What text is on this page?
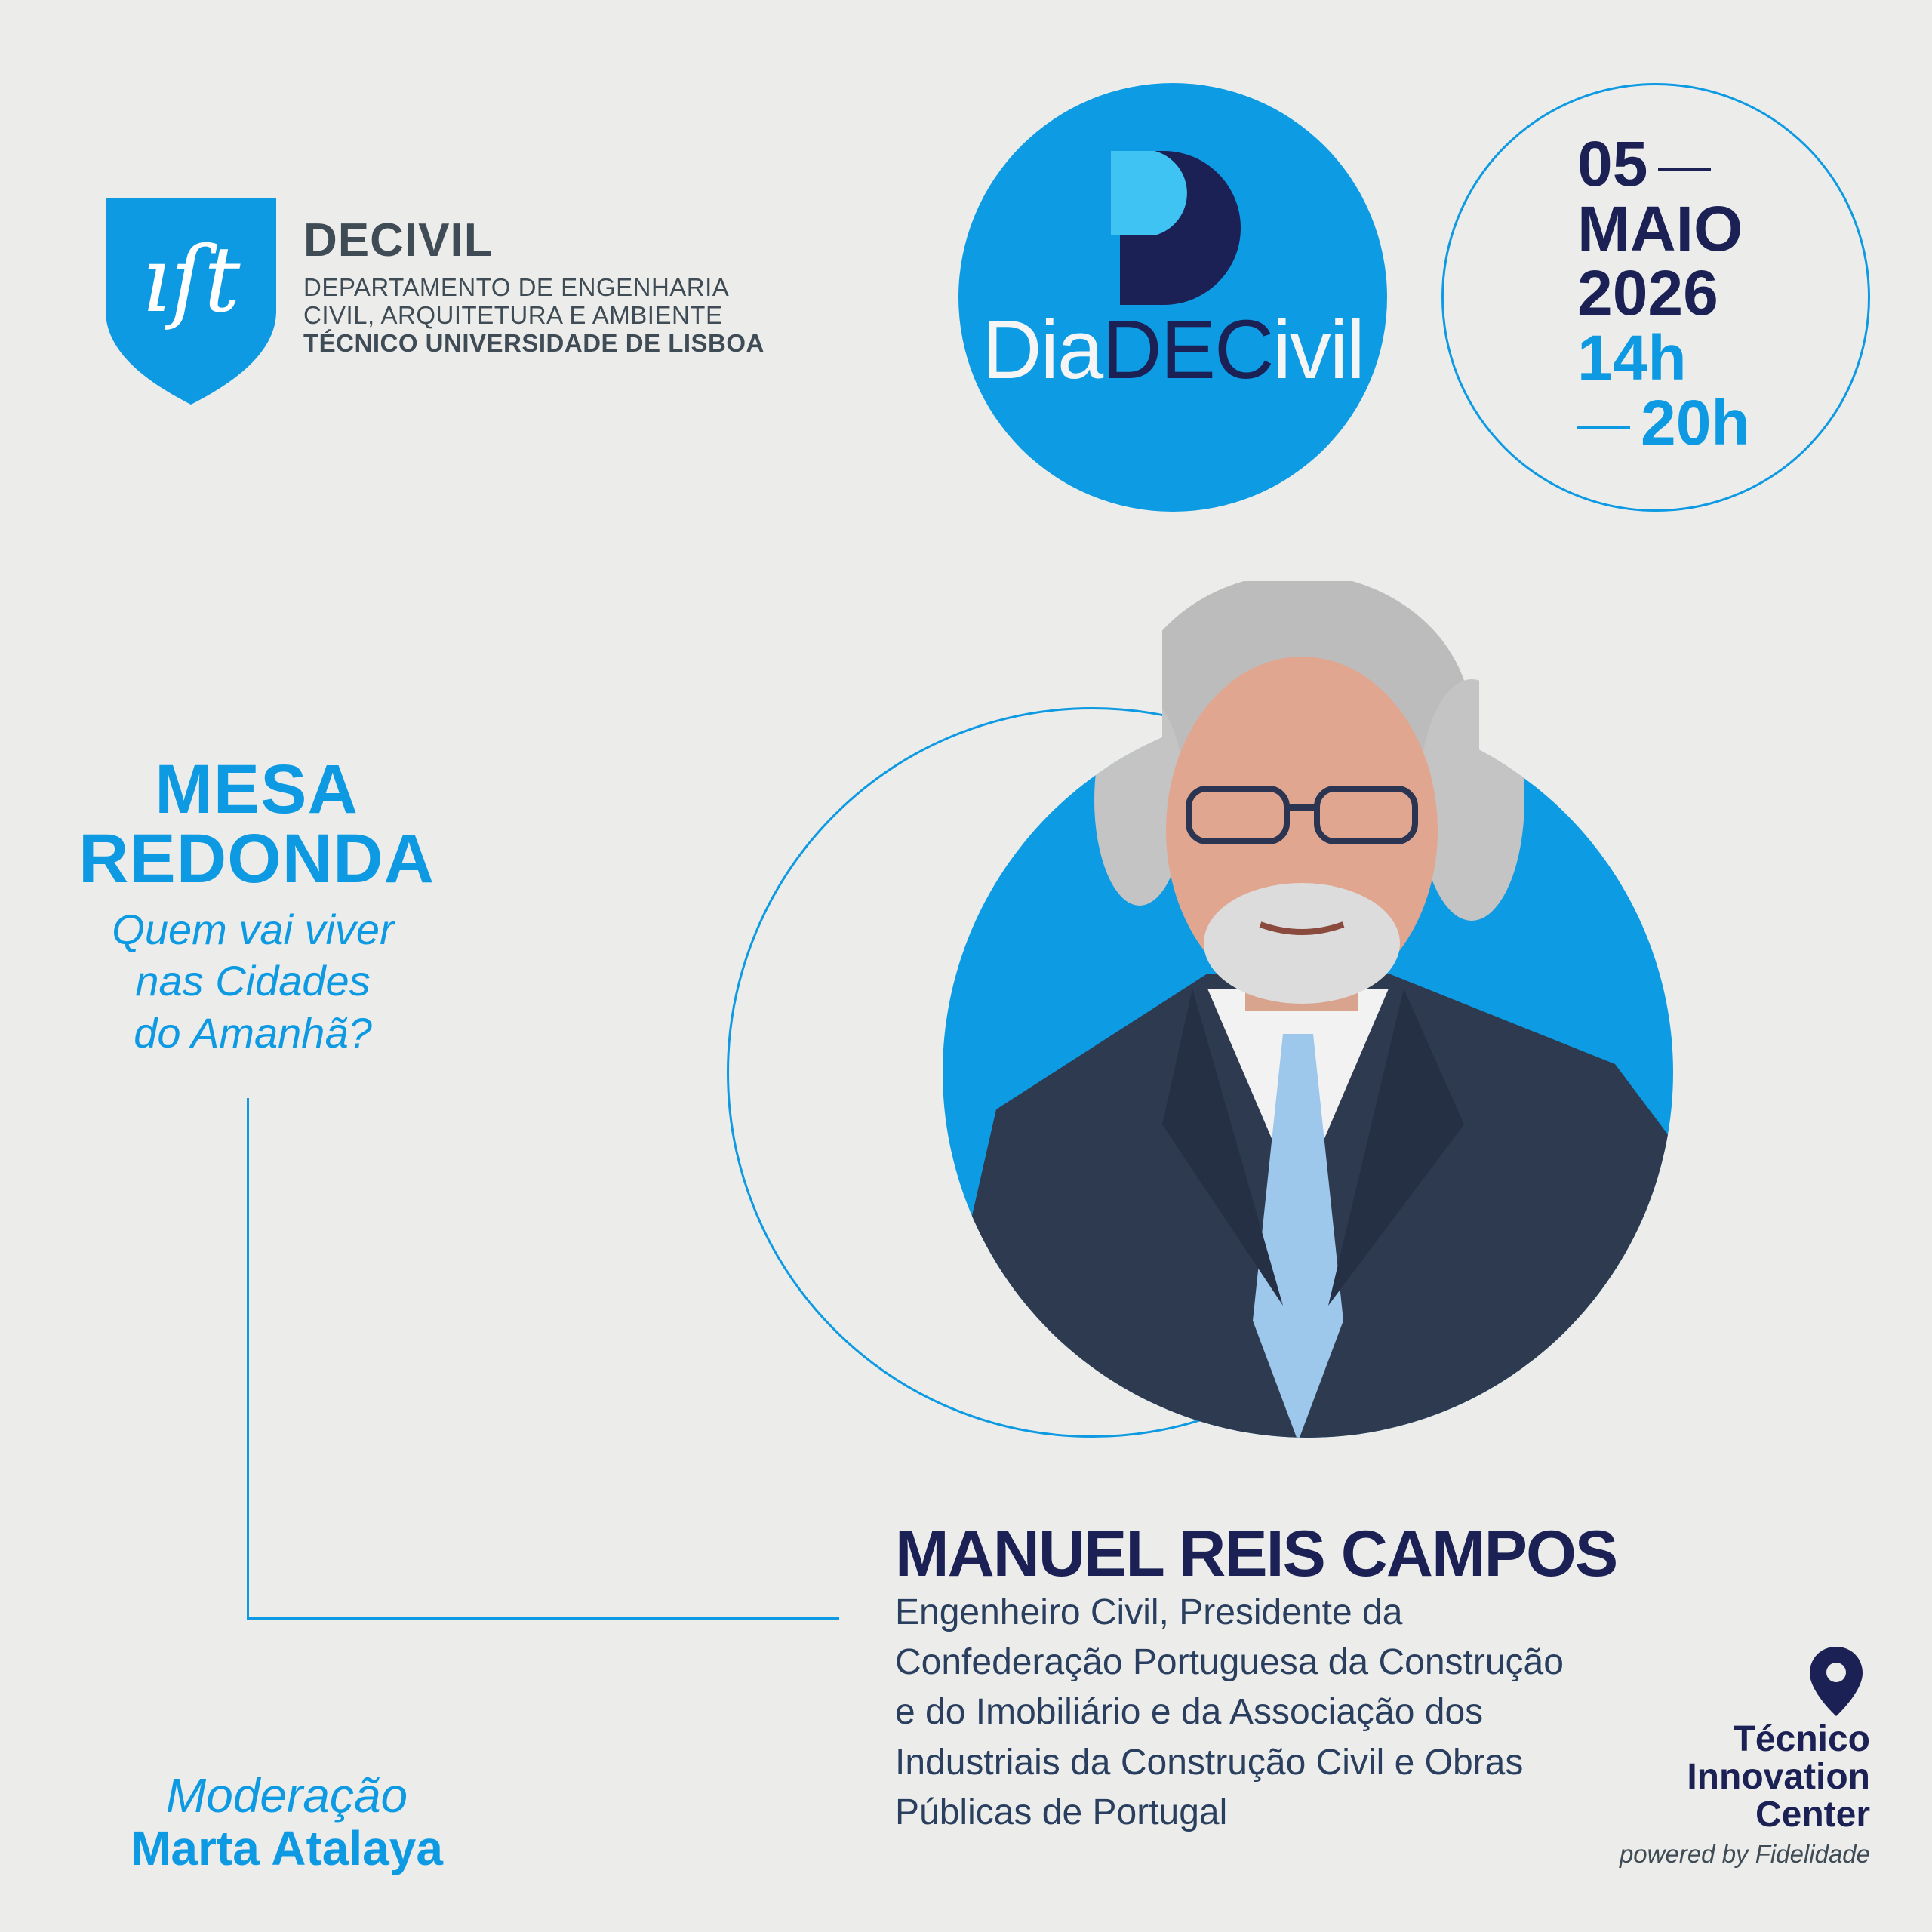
ıſt DECIVIL
DEPARTAMENTO DE ENGENHARIA
CIVIL, ARQUITETURA E AMBIENTE
TÉCNICO UNIVERSIDADE DE LISBOA	DiaDECivil
05
MAIO
2026
14h
20h
MESA
REDONDA
Quem vai viver
nas Cidades
do Amanhã?
MANUEL REIS CAMPOS
Engenheiro Civil, Presidente da
Confederação Portuguesa da Construção
e do Imobiliário e da Associação dos
Industriais da Construção Civil e Obras
Públicas de Portugal
Moderação
Marta Atalaya
Técnico
Innovation
Center
powered by Fidelidade
